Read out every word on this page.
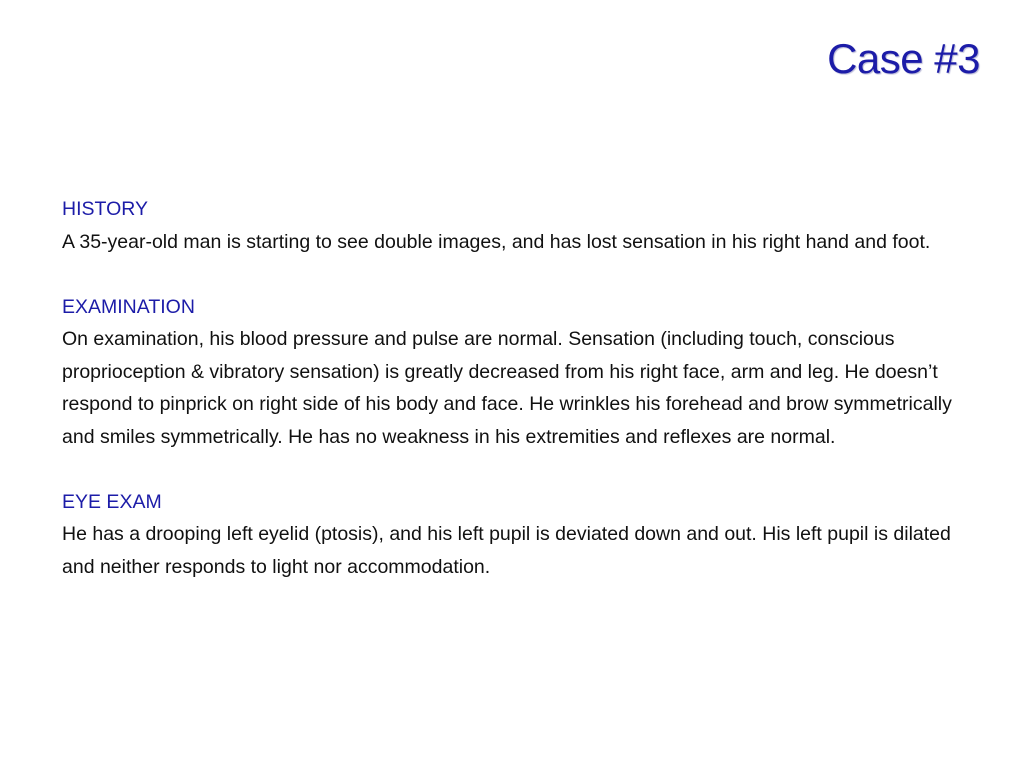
Case #3
HISTORY
A 35-year-old man is starting to see double images, and has lost sensation in his right hand and foot.
EXAMINATION
On examination, his blood pressure and pulse are normal. Sensation (including touch, conscious proprioception & vibratory sensation) is greatly decreased from his right face, arm and leg. He doesn’t respond to pinprick on right side of his body and face. He wrinkles his forehead and brow symmetrically and smiles symmetrically. He has no weakness in his extremities and reflexes are normal.
EYE EXAM
He has a drooping left eyelid (ptosis), and his left pupil is deviated down and out. His left pupil is dilated and neither responds to light nor accommodation.
